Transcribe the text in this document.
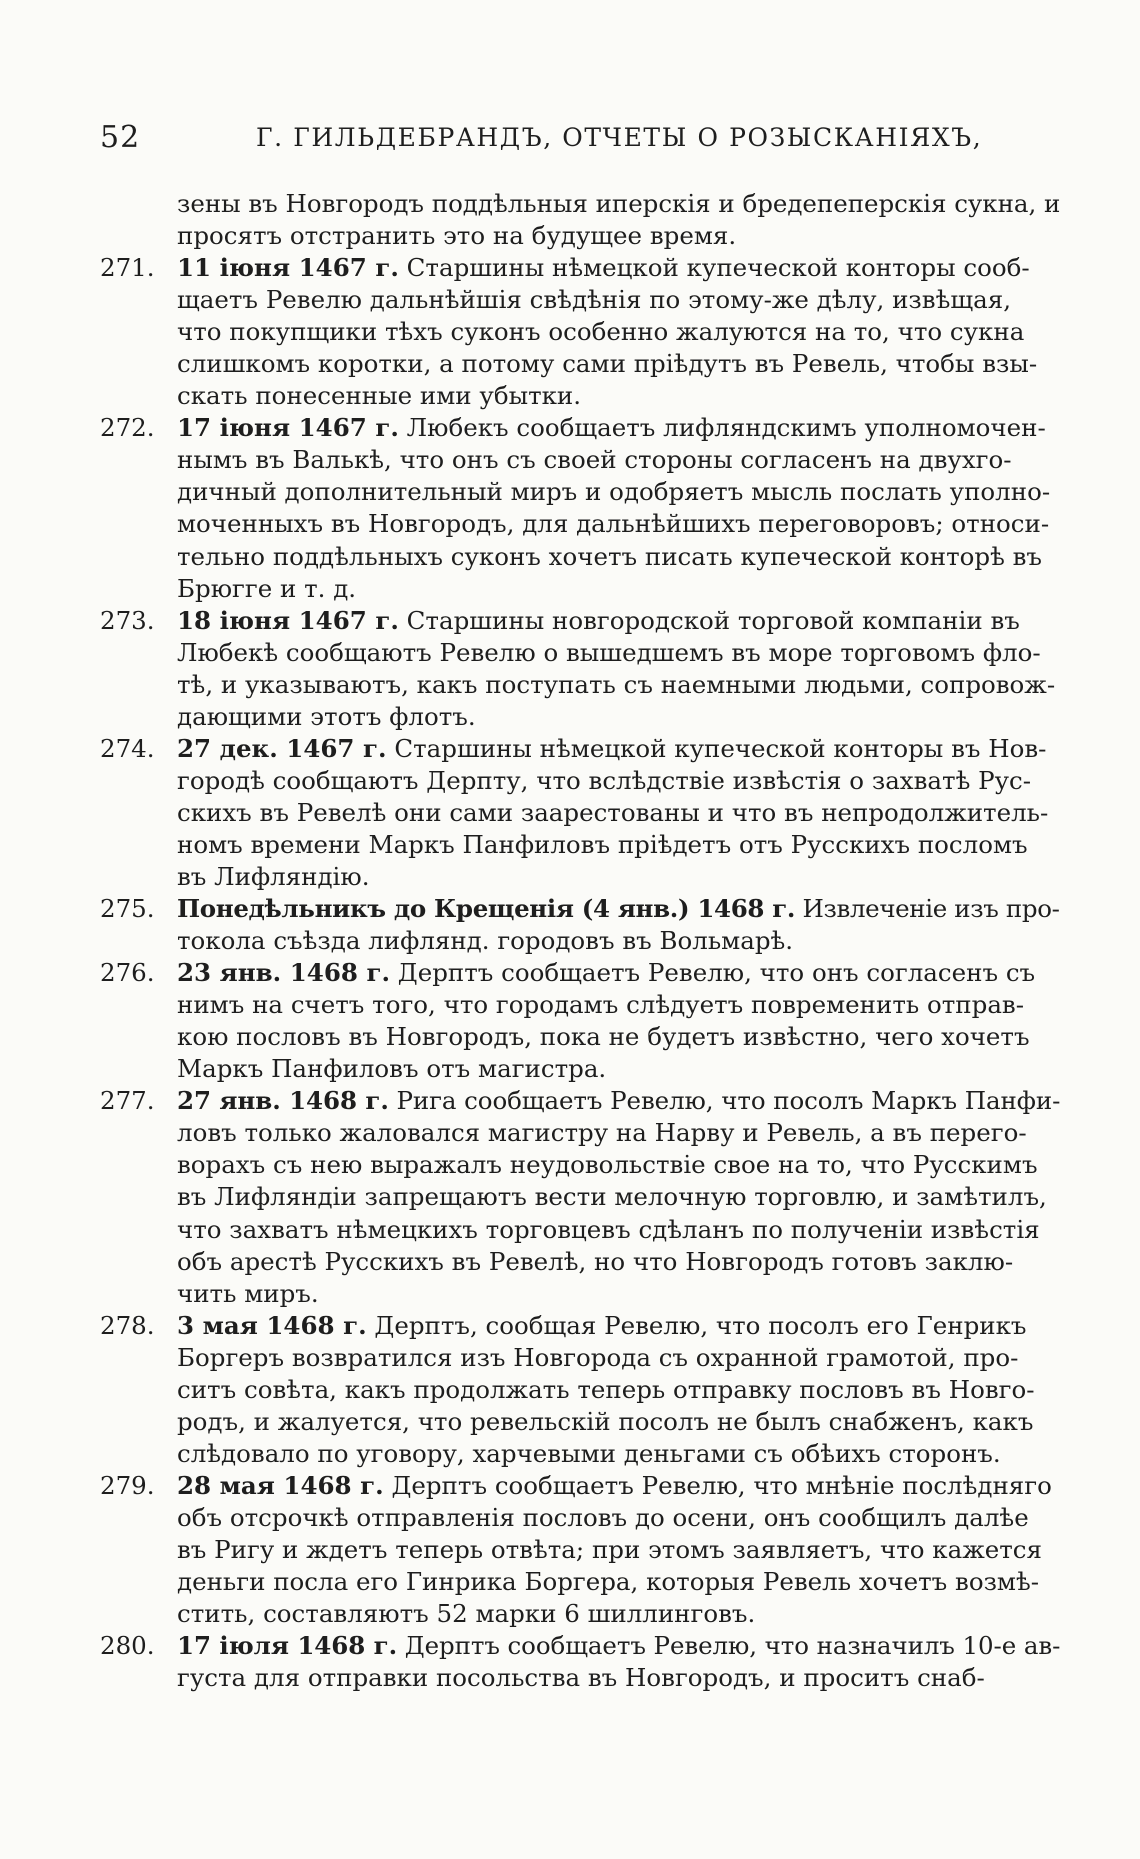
52	Г. ГИЛЬДЕБРАНДЪ, ОТЧЕТЫ О РОЗЫСКАНІЯХЪ,
зены въ Новгородъ поддѣльныя иперскія и бредепеперскія сукна, и
просятъ отстранить это на будущее время.
271. 11 іюня 1467 г. Старшины нѣмецкой купеческой конторы сооб-
щаетъ Ревелю дальнѣйшія свѣдѣнія по этому-же дѣлу, извѣщая,
что покупщики тѣхъ суконъ особенно жалуются на то, что сукна
слишкомъ коротки, а потому сами пріѣдутъ въ Ревель, чтобы взы-
скать понесенные ими убытки.
272. 17 іюня 1467 г. Любекъ сообщаетъ лифляндскимъ уполномочен-
нымъ въ Валькѣ, что онъ съ своей стороны согласенъ на двухго-
дичный дополнительный миръ и одобряетъ мысль послать уполно-
моченныхъ въ Новгородъ, для дальнѣйшихъ переговоровъ; относи-
тельно поддѣльныхъ суконъ хочетъ писать купеческой конторѣ въ
Брюгге и т. д.
273. 18 іюня 1467 г. Старшины новгородской торговой компаніи въ
Любекѣ сообщаютъ Ревелю о вышедшемъ въ море торговомъ фло-
тѣ, и указываютъ, какъ поступать съ наемными людьми, сопровож-
дающими этотъ флотъ.
274. 27 дек. 1467 г. Старшины нѣмецкой купеческой конторы въ Нов-
городѣ сообщаютъ Дерпту, что вслѣдствіе извѣстія о захватѣ Рус-
скихъ въ Ревелѣ они сами заарестованы и что въ непродолжитель-
номъ времени Маркъ Панфиловъ пріѣдетъ отъ Русскихъ посломъ
въ Лифляндію.
275. Понедѣльникъ до Крещенія (4 янв.) 1468 г. Извлеченіе изъ про-
токола съѣзда лифлянд. городовъ въ Вольмарѣ.
276. 23 янв. 1468 г. Дерптъ сообщаетъ Ревелю, что онъ согласенъ съ
нимъ на счетъ того, что городамъ слѣдуетъ повременить отправ-
кою пословъ въ Новгородъ, пока не будетъ извѣстно, чего хочетъ
Маркъ Панфиловъ отъ магистра.
277. 27 янв. 1468 г. Рига сообщаетъ Ревелю, что посолъ Маркъ Панфи-
ловъ только жаловался магистру на Нарву и Ревель, а въ перего-
ворахъ съ нею выражалъ неудовольствіе свое на то, что Русскимъ
въ Лифляндіи запрещаютъ вести мелочную торговлю, и замѣтилъ,
что захватъ нѣмецкихъ торговцевъ сдѣланъ по полученіи извѣстія
объ арестѣ Русскихъ въ Ревелѣ, но что Новгородъ готовъ заклю-
чить миръ.
278. 3 мая 1468 г. Дерптъ, сообщая Ревелю, что посолъ его Генрикъ
Боргеръ возвратился изъ Новгорода съ охранной грамотой, про-
ситъ совѣта, какъ продолжать теперь отправку пословъ въ Новго-
родъ, и жалуется, что ревельскій посолъ не былъ снабженъ, какъ
слѣдовало по уговору, харчевыми деньгами съ обѣихъ сторонъ.
279. 28 мая 1468 г. Дерптъ сообщаетъ Ревелю, что мнѣніе послѣдняго
объ отсрочкѣ отправленія пословъ до осени, онъ сообщилъ далѣе
въ Ригу и ждетъ теперь отвѣта; при этомъ заявляетъ, что кажется
деньги посла его Гинрика Боргера, которыя Ревель хочетъ возмѣ-
стить, составляютъ 52 марки 6 шиллинговъ.
280. 17 іюля 1468 г. Дерптъ сообщаетъ Ревелю, что назначилъ 10-е ав-
густа для отправки посольства въ Новгородъ, и проситъ снаб-
